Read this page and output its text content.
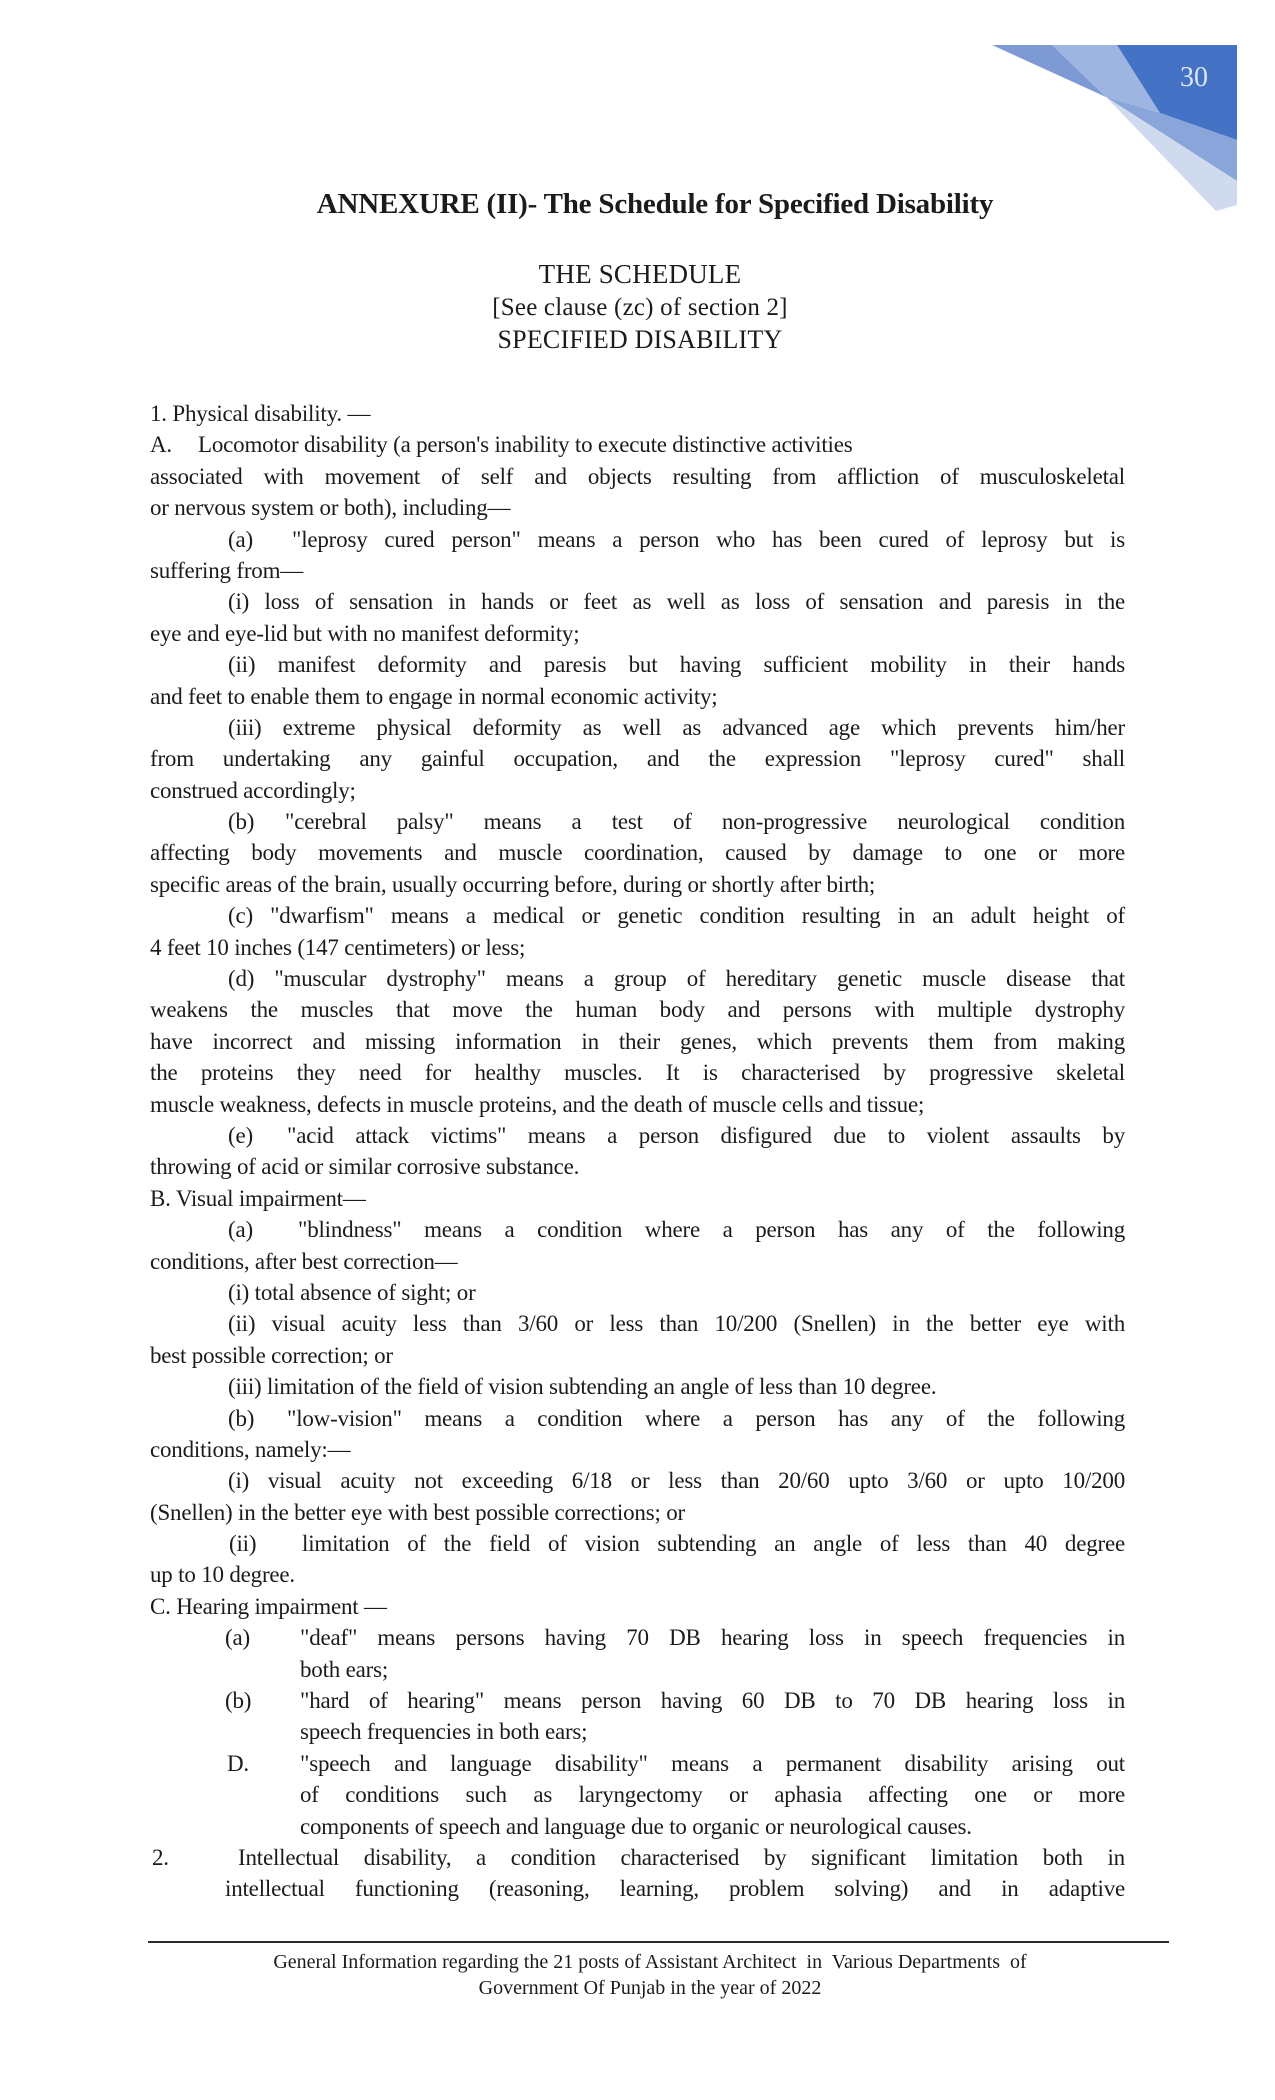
30
ANNEXURE (II)- The Schedule for Specified Disability
THE SCHEDULE
[See clause (zc) of section 2]
SPECIFIED DISABILITY
1. Physical disability. —
A. Locomotor disability (a person's inability to execute distinctive activities
associated with movement of self and objects resulting from affliction of musculoskeletal
or nervous system or both), including—
(a) "leprosy cured person" means a person who has been cured of leprosy but is
suffering from—
(i) loss of sensation in hands or feet as well as loss of sensation and paresis in the
eye and eye-lid but with no manifest deformity;
(ii) manifest deformity and paresis but having sufficient mobility in their hands
and feet to enable them to engage in normal economic activity;
(iii) extreme physical deformity as well as advanced age which prevents him/her
from undertaking any gainful occupation, and the expression "leprosy cured" shall
construed accordingly;
(b) "cerebral palsy" means a test of non-progressive neurological condition
affecting body movements and muscle coordination, caused by damage to one or more
specific areas of the brain, usually occurring before, during or shortly after birth;
(c) "dwarfism" means a medical or genetic condition resulting in an adult height of
4 feet 10 inches (147 centimeters) or less;
(d) "muscular dystrophy" means a group of hereditary genetic muscle disease that
weakens the muscles that move the human body and persons with multiple dystrophy
have incorrect and missing information in their genes, which prevents them from making
the proteins they need for healthy muscles. It is characterised by progressive skeletal
muscle weakness, defects in muscle proteins, and the death of muscle cells and tissue;
(e) "acid attack victims" means a person disfigured due to violent assaults by
throwing of acid or similar corrosive substance.
B. Visual impairment—
(a) "blindness" means a condition where a person has any of the following
conditions, after best correction—
(i) total absence of sight; or
(ii) visual acuity less than 3/60 or less than 10/200 (Snellen) in the better eye with
best possible correction; or
(iii) limitation of the field of vision subtending an angle of less than 10 degree.
(b) "low-vision" means a condition where a person has any of the following
conditions, namely:—
(i) visual acuity not exceeding 6/18 or less than 20/60 upto 3/60 or upto 10/200
(Snellen) in the better eye with best possible corrections; or
(ii) limitation of the field of vision subtending an angle of less than 40 degree
up to 10 degree.
C. Hearing impairment —
(a) "deaf" means persons having 70 DB hearing loss in speech frequencies in
both ears;
(b) "hard of hearing" means person having 60 DB to 70 DB hearing loss in
speech frequencies in both ears;
D. "speech and language disability" means a permanent disability arising out
of conditions such as laryngectomy or aphasia affecting one or more
components of speech and language due to organic or neurological causes.
2.	Intellectual disability, a condition characterised by significant limitation both in
intellectual functioning (reasoning, learning, problem solving) and in adaptive
General Information regarding the 21 posts of Assistant Architect  in  Various Departments  of
Government Of Punjab in the year of 2022
